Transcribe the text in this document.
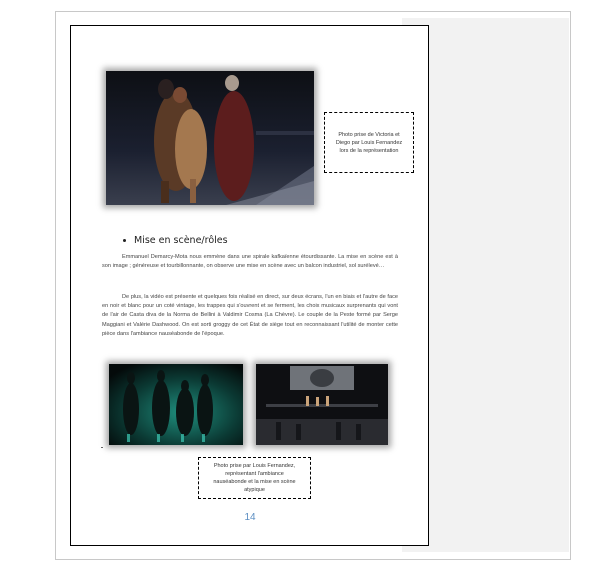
Photo prise de Victoria et
Diego par Louis Fernandez
lors de la représentation
Mise en scène/rôles

Emmanuel Demarcy-Mota nous emmène dans une spirale kafkaïenne étourdissante. La mise en scène est à son image ; généreuse et tourbillonnante, on observe une mise en scène avec un balcon industriel, sol surélevé…

De plus, la vidéo est présente et quelques fois réalisé en direct, sur deux écrans, l'un en biais et l'autre de face en noir et blanc pour un coté vintage, les trappes qui s'ouvrent et se ferment, les choix musicaux surprenants qui vont de l'air de Casta diva de la Norma de Bellini à Valdimir Cosma (La Chèvre). Le couple de la Peste formé par Serge Maggiani et Valérie Dashwood. On est sorti groggy de cet État de siège tout en reconnaissant l'utilité de monter cette pièce dans l'ambiance nauséabonde de l'époque.

Photo prise par Louis Fernandez,
représentant l'ambiance
nauséabonde et la mise en scène
atypique
14
